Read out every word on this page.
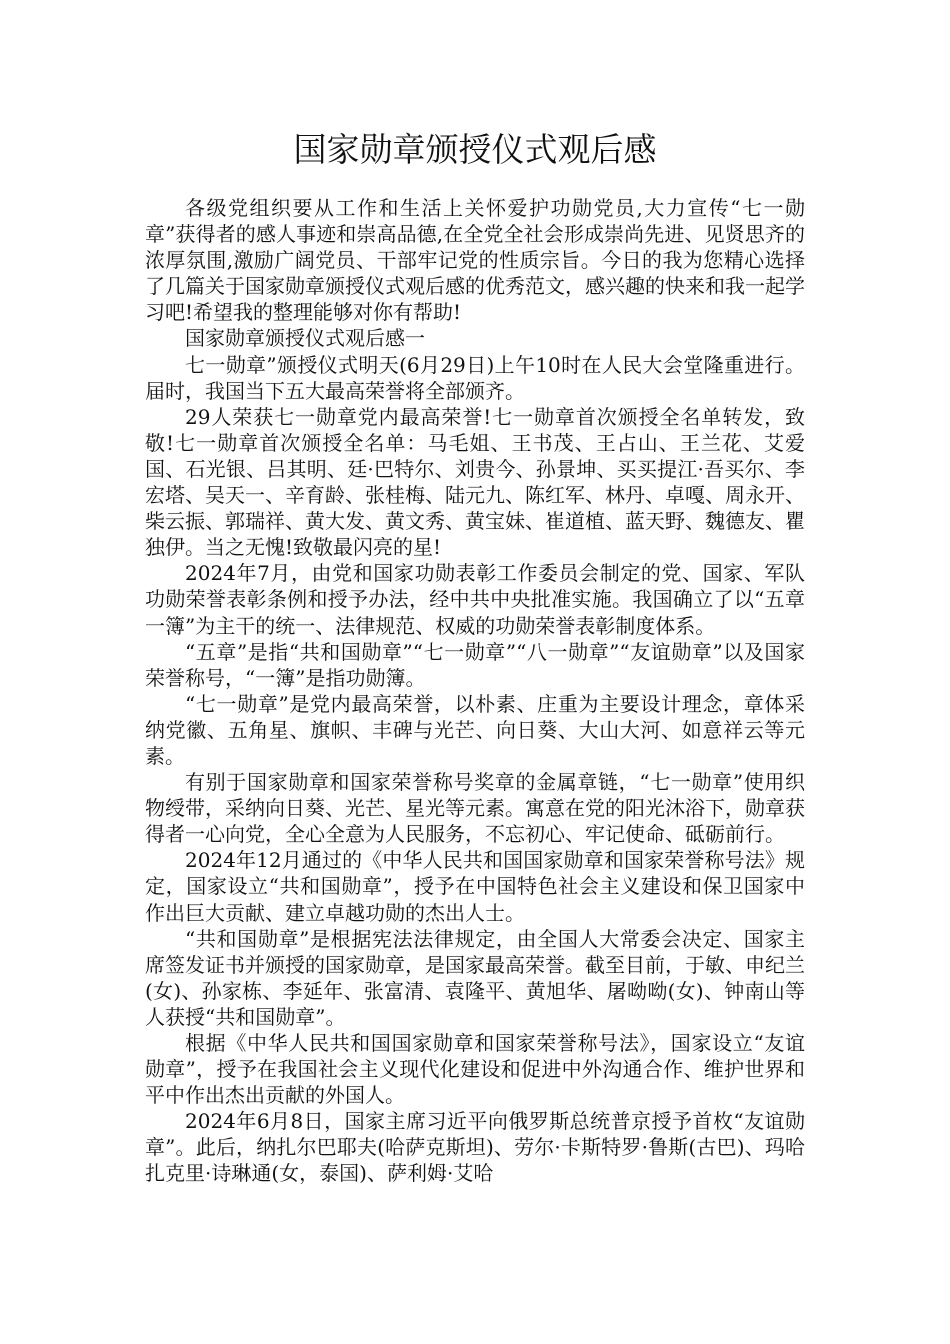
国家勋章颁授仪式观后感

各级党组织要从工作和生活上关怀爱护功勋党员,大力宣传“七一勋章”获得者的感人事迹和崇高品德,在全党全社会形成崇尚先进、见贤思齐的浓厚氛围,激励广阔党员、干部牢记党的性质宗旨。今日的我为您精心选择了几篇关于国家勋章颁授仪式观后感的优秀范文，感兴趣的快来和我一起学习吧!希望我的整理能够对你有帮助!

国家勋章颁授仪式观后感一

七一勋章”颁授仪式明天(6月29日)上午10时在人民大会堂隆重进行。届时，我国当下五大最高荣誉将全部颁齐。

29人荣获七一勋章党内最高荣誉!七一勋章首次颁授全名单转发，致敬!七一勋章首次颁授全名单：马毛姐、王书茂、王占山、王兰花、艾爱国、石光银、吕其明、廷·巴特尔、刘贵今、孙景坤、买买提江·吾买尔、李宏塔、吴天一、辛育龄、张桂梅、陆元九、陈红军、林丹、卓嘎、周永开、柴云振、郭瑞祥、黄大发、黄文秀、黄宝妹、崔道植、蓝天野、魏德友、瞿独伊。当之无愧!致敬最闪亮的星!

2024年7月，由党和国家功勋表彰工作委员会制定的党、国家、军队功勋荣誉表彰条例和授予办法，经中共中央批准实施。我国确立了以“五章一簿”为主干的统一、法律规范、权威的功勋荣誉表彰制度体系。

“五章”是指“共和国勋章”“七一勋章”“八一勋章”“友谊勋章”以及国家荣誉称号，“一簿”是指功勋簿。

“七一勋章”是党内最高荣誉，以朴素、庄重为主要设计理念，章体采纳党徽、五角星、旗帜、丰碑与光芒、向日葵、大山大河、如意祥云等元素。

有别于国家勋章和国家荣誉称号奖章的金属章链，“七一勋章”使用织物绶带，采纳向日葵、光芒、星光等元素。寓意在党的阳光沐浴下，勋章获得者一心向党，全心全意为人民服务，不忘初心、牢记使命、砥砺前行。

2024年12月通过的《中华人民共和国国家勋章和国家荣誉称号法》规定，国家设立“共和国勋章”，授予在中国特色社会主义建设和保卫国家中作出巨大贡献、建立卓越功勋的杰出人士。

“共和国勋章”是根据宪法法律规定，由全国人大常委会决定、国家主席签发证书并颁授的国家勋章，是国家最高荣誉。截至目前，于敏、申纪兰(女)、孙家栋、李延年、张富清、袁隆平、黄旭华、屠呦呦(女)、钟南山等人获授“共和国勋章”。

根据《中华人民共和国国家勋章和国家荣誉称号法》，国家设立“友谊勋章”，授予在我国社会主义现代化建设和促进中外沟通合作、维护世界和平中作出杰出贡献的外国人。

2024年6月8日，国家主席习近平向俄罗斯总统普京授予首枚“友谊勋章”。此后，纳扎尔巴耶夫(哈萨克斯坦)、劳尔·卡斯特罗·鲁斯(古巴)、玛哈扎克里·诗琳通(女，泰国)、萨利姆·艾哈
